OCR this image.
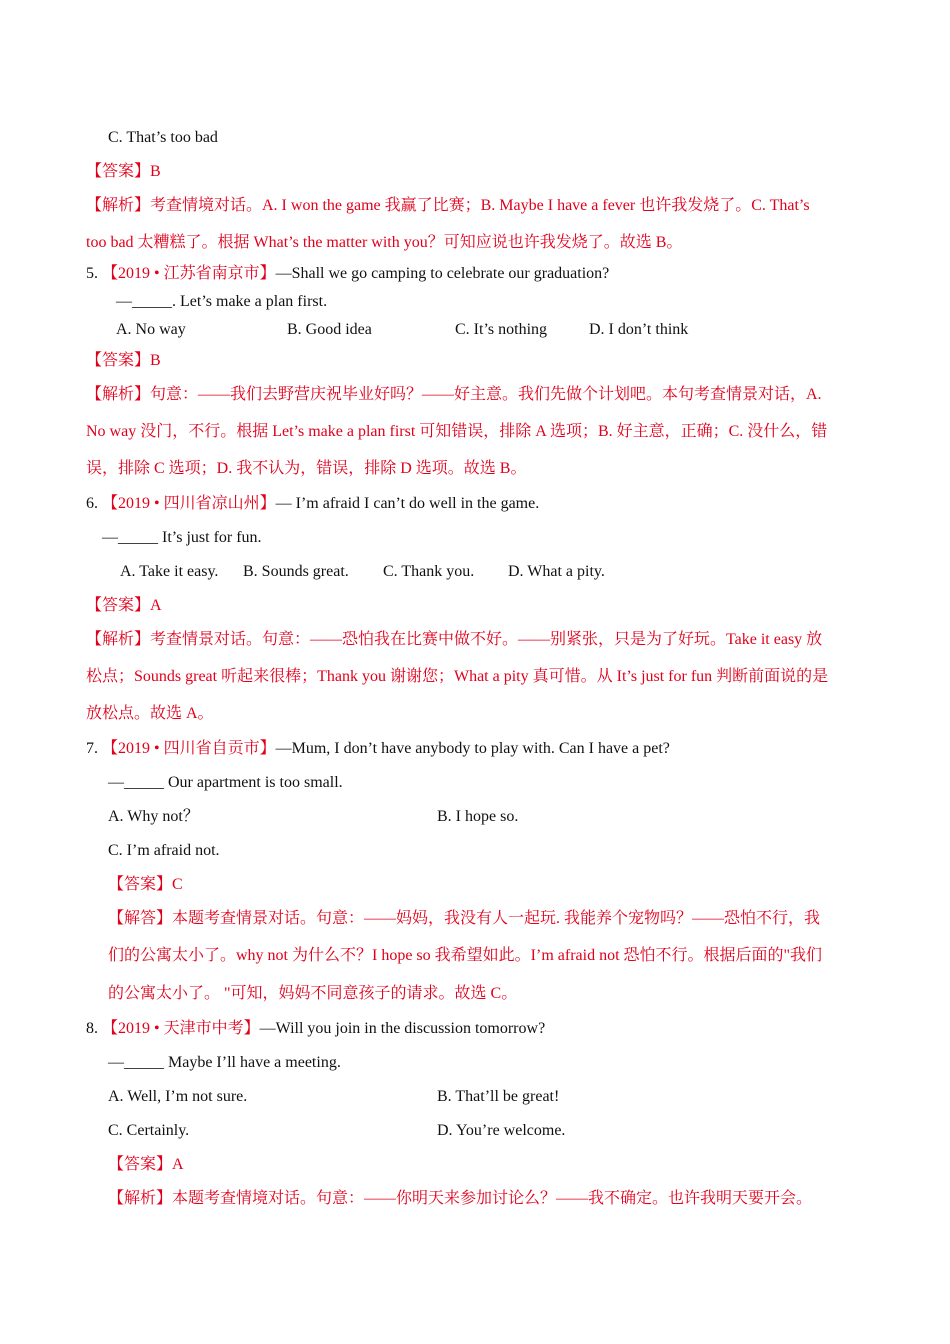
C. That’s too bad
【答案】B
【解析】考查情境对话。A. I won the game 我赢了比赛；B. Maybe I have a fever 也许我发烧了。C. That’s
too bad 太糟糕了。根据 What’s the matter with you？可知应说也许我发烧了。故选 B。
5. 【2019 • 江苏省南京市】—Shall we go camping to celebrate our graduation?
—_____. Let’s make a plan first.
A. No way	B. Good idea	C. It’s nothing	D. I don’t think
【答案】B
【解析】句意：——我们去野营庆祝毕业好吗？——好主意。我们先做个计划吧。本句考查情景对话，A.
No way 没门，不行。根据 Let’s make a plan first 可知错误，排除 A 选项；B. 好主意，正确；C. 没什么，错
误，排除 C 选项；D. 我不认为，错误，排除 D 选项。故选 B。
6. 【2019 • 四川省凉山州】— I’m afraid I can’t do well in the game.
—_____ It’s just for fun.
A. Take it easy. B. Sounds great. C. Thank you. D. What a pity.
【答案】A
【解析】考查情景对话。句意：——恐怕我在比赛中做不好。——别紧张，只是为了好玩。Take it easy 放
松点；Sounds great 听起来很棒；Thank you 谢谢您；What a pity 真可惜。从 It’s just for fun 判断前面说的是
放松点。故选 A。
7. 【2019 • 四川省自贡市】—Mum, I don’t have anybody to play with. Can I have a pet?
—_____ Our apartment is too small.
A. Why not？	B. I hope so.
C. I’m afraid not.
【答案】C
【解答】本题考查情景对话。句意：——妈妈，我没有人一起玩. 我能养个宠物吗？——恐怕不行，我
们的公寓太小了。why not 为什么不？I hope so 我希望如此。I’m afraid not 恐怕不行。根据后面的"我们
的公寓太小了。 "可知，妈妈不同意孩子的请求。故选 C。
8. 【2019 • 天津市中考】—Will you join in the discussion tomorrow?
—_____ Maybe I’ll have a meeting.
A. Well, I’m not sure.	B. That’ll be great!
C. Certainly.	D. You’re welcome.
【答案】A
【解析】本题考查情境对话。句意：——你明天来参加讨论么？——我不确定。也许我明天要开会。
